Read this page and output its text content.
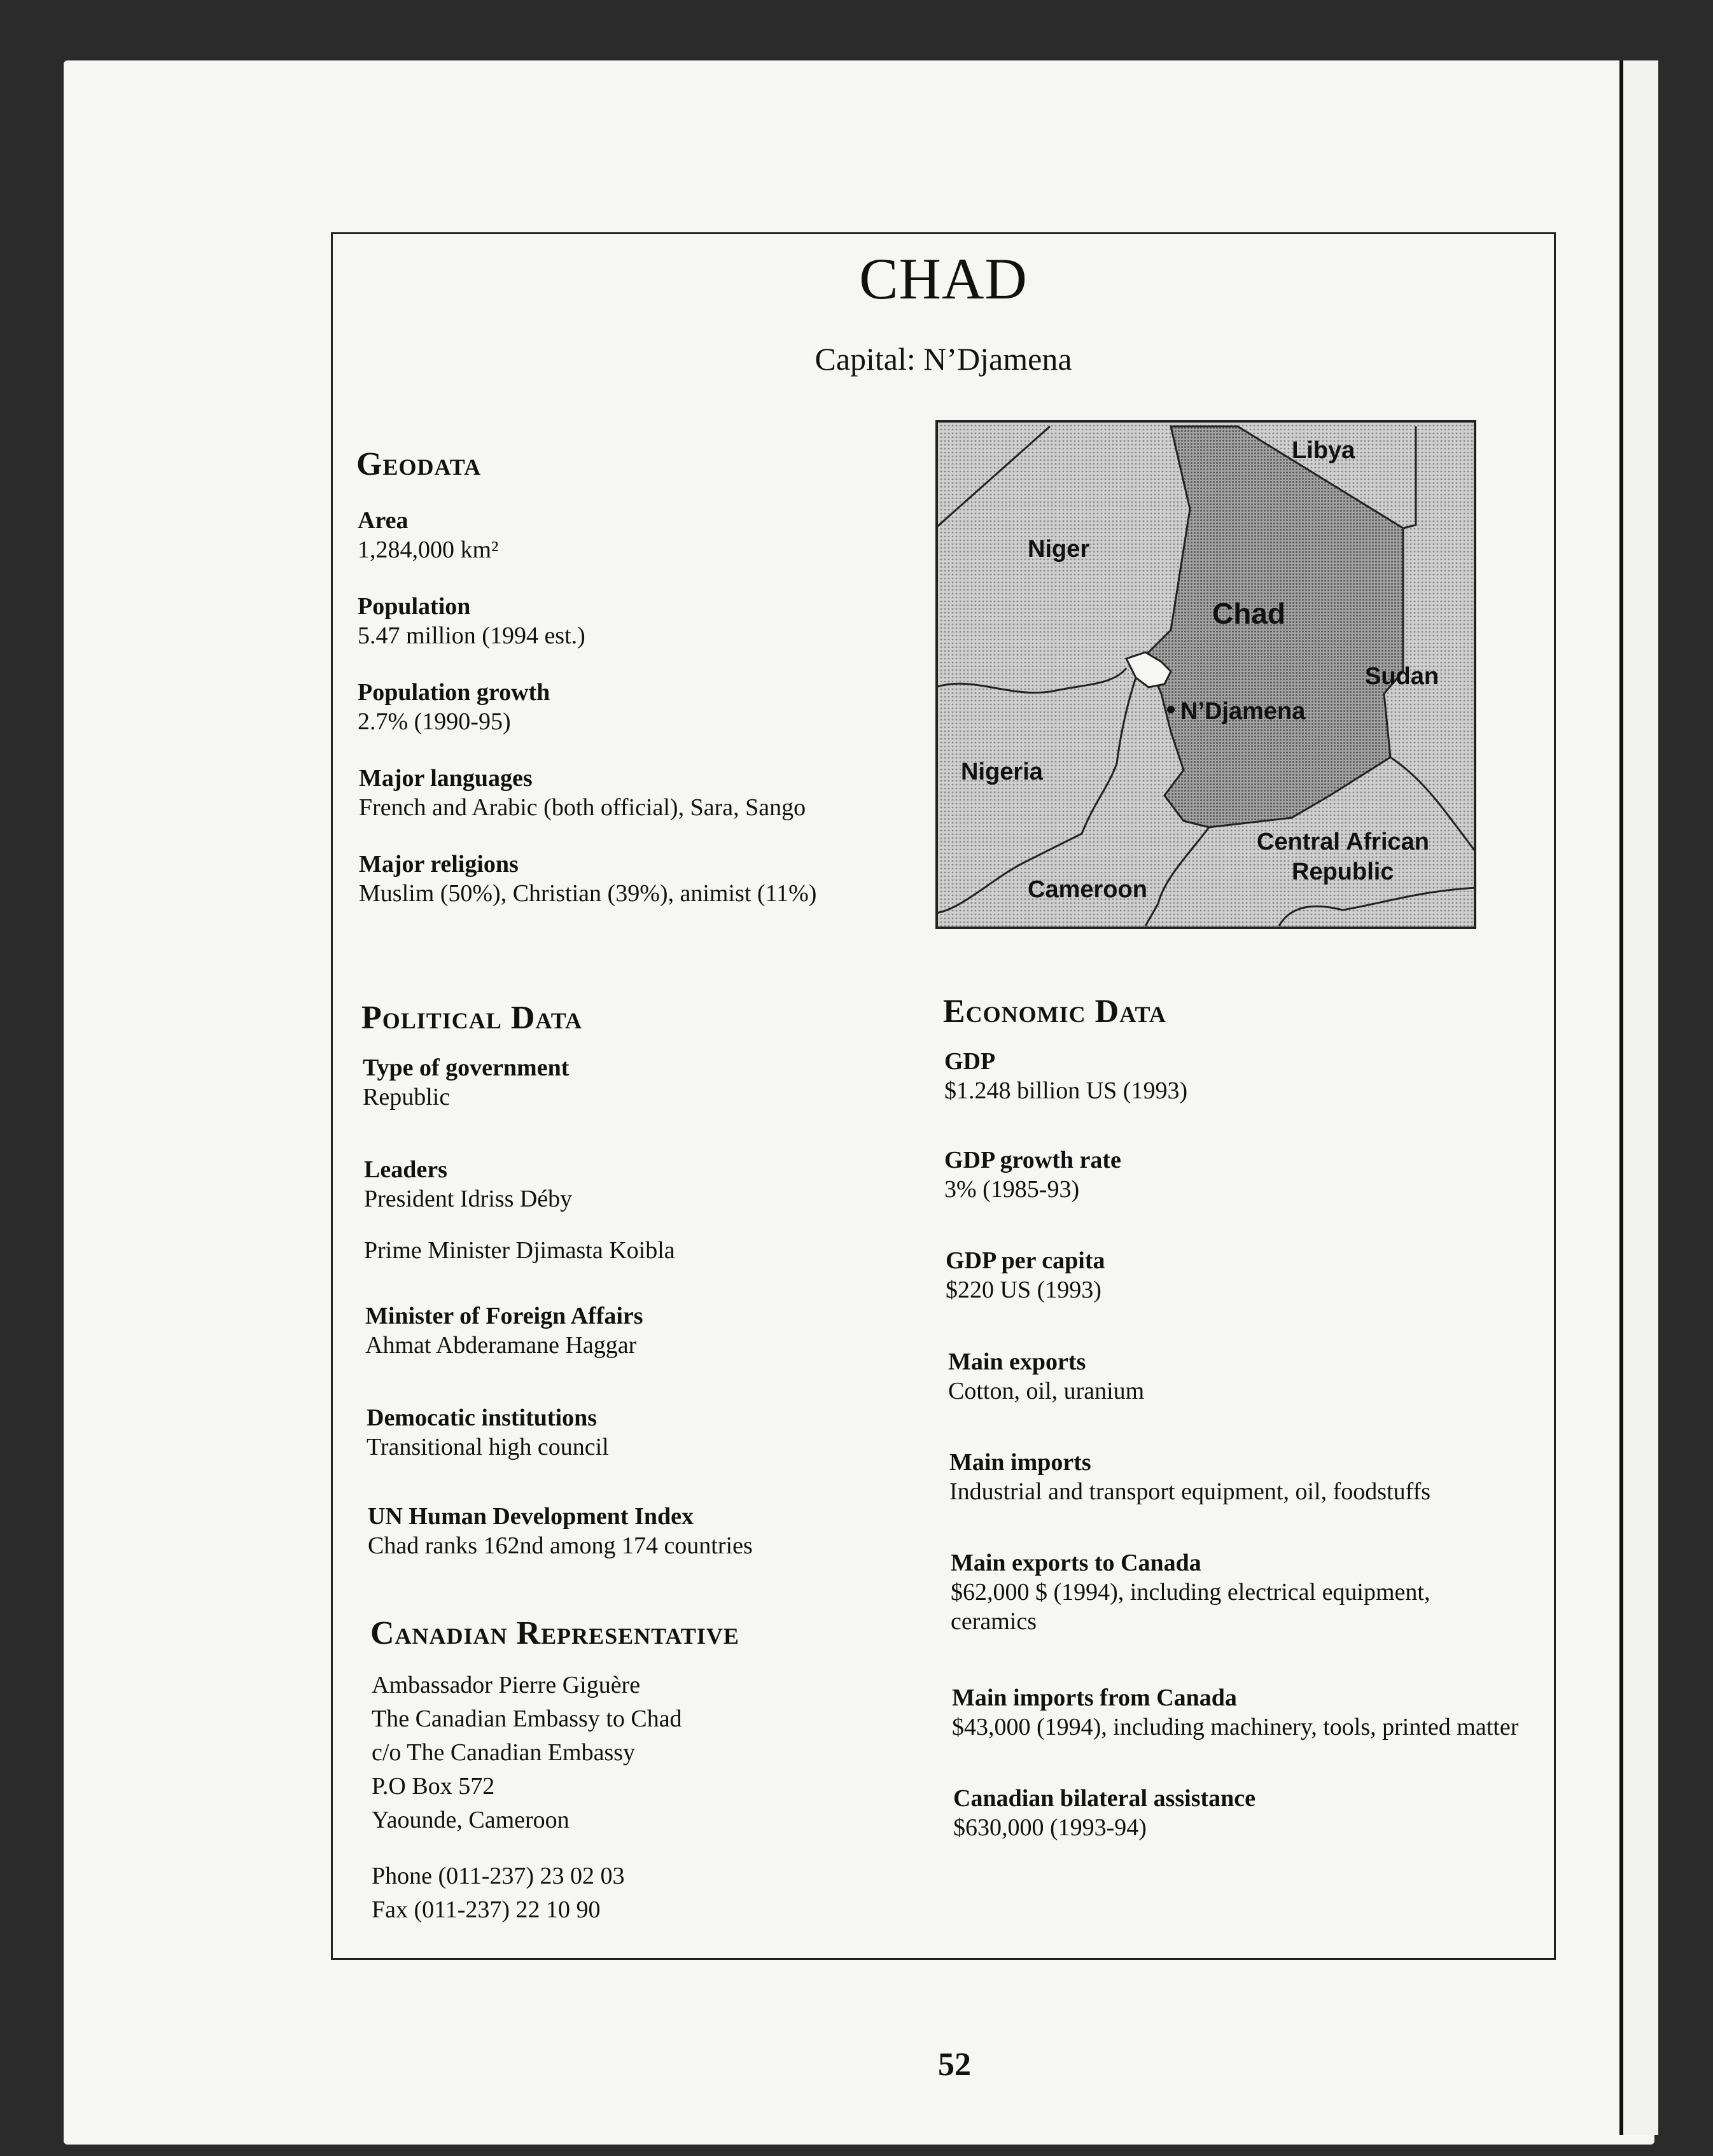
CHAD
Capital: N’Djamena
Libya
Niger
Chad
Sudan
N’Djamena
Nigeria
Central African
Republic
Cameroon
Geodata
Area
1,284,000 km²
Population
5.47 million (1994 est.)
Population growth
2.7% (1990-95)
Major languages
French and Arabic (both official), Sara, Sango
Major religions
Muslim (50%), Christian (39%), animist (11%)
Political Data
Type of government
Republic
Leaders
President Idriss Déby
Prime Minister Djimasta Koibla
Minister of Foreign Affairs
Ahmat Abderamane Haggar
Democatic institutions
Transitional high council
UN Human Development Index
Chad ranks 162nd among 174 countries
Canadian Representative
Ambassador Pierre Giguère
The Canadian Embassy to Chad
c/o The Canadian Embassy
P.O Box 572
Yaounde, Cameroon
Phone (011-237) 23 02 03
Fax (011-237) 22 10 90
Economic Data
GDP
$1.248 billion US (1993)
GDP growth rate
3% (1985-93)
GDP per capita
$220 US (1993)
Main exports
Cotton, oil, uranium
Main imports
Industrial and transport equipment, oil, foodstuffs
Main exports to Canada
$62,000 $ (1994), including electrical equipment,
ceramics
Main imports from Canada
$43,000 (1994), including machinery, tools, printed matter
Canadian bilateral assistance
$630,000 (1993-94)
52
